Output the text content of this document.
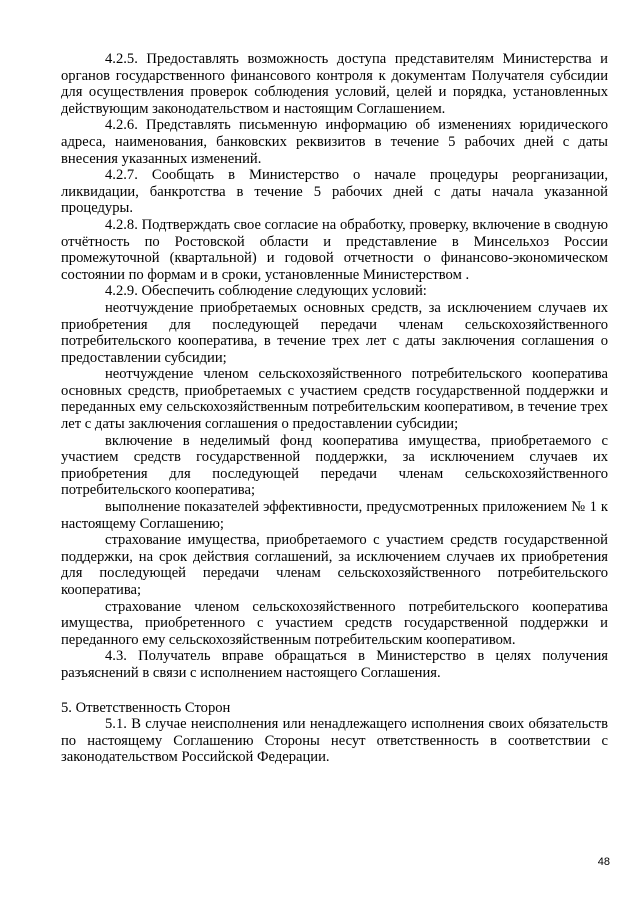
4.2.5. Предоставлять возможность доступа представителям Министерства и органов государственного финансового контроля к документам Получателя субсидии для осуществления проверок соблюдения условий, целей и порядка, установленных действующим законодательством и настоящим Соглашением.

4.2.6. Представлять письменную информацию об изменениях юридического адреса, наименования, банковских реквизитов в течение 5 рабочих дней с даты внесения указанных изменений.

4.2.7. Сообщать в Министерство о начале процедуры реорганизации, ликвидации, банкротства в течение 5 рабочих дней с даты начала указанной процедуры.

4.2.8. Подтверждать свое согласие на обработку, проверку, включение в сводную отчётность по Ростовской области и представление в Минсельхоз России промежуточной (квартальной) и годовой отчетности о финансово-экономическом состоянии по формам и в сроки, установленные Министерством .

4.2.9. Обеспечить соблюдение следующих условий:

неотчуждение приобретаемых основных средств, за исключением случаев их приобретения для последующей передачи членам сельскохозяйственного потребительского кооператива, в течение трех лет с даты заключения соглашения о предоставлении субсидии;

неотчуждение членом сельскохозяйственного потребительского кооператива основных средств, приобретаемых с участием средств государственной поддержки и переданных ему сельскохозяйственным потребительским кооперативом, в течение трех лет с даты заключения соглашения о предоставлении субсидии;

включение в неделимый фонд кооператива имущества, приобретаемого с участием средств государственной поддержки, за исключением случаев их приобретения для последующей передачи членам сельскохозяйственного потребительского кооператива;

выполнение показателей эффективности, предусмотренных приложением № 1 к настоящему Соглашению;

страхование имущества, приобретаемого с участием средств государственной поддержки, на срок действия соглашений, за исключением случаев их приобретения для последующей передачи членам сельскохозяйственного потребительского кооператива;

страхование членом сельскохозяйственного потребительского кооператива имущества, приобретенного с участием средств государственной поддержки и переданного ему сельскохозяйственным потребительским кооперативом.

4.3. Получатель вправе обращаться в Министерство в целях получения разъяснений в связи с исполнением настоящего Соглашения.

5. Ответственность Сторон

5.1. В случае неисполнения или ненадлежащего исполнения своих обязательств по настоящему Соглашению Стороны несут ответственность в соответствии с законодательством Российской Федерации.

48
